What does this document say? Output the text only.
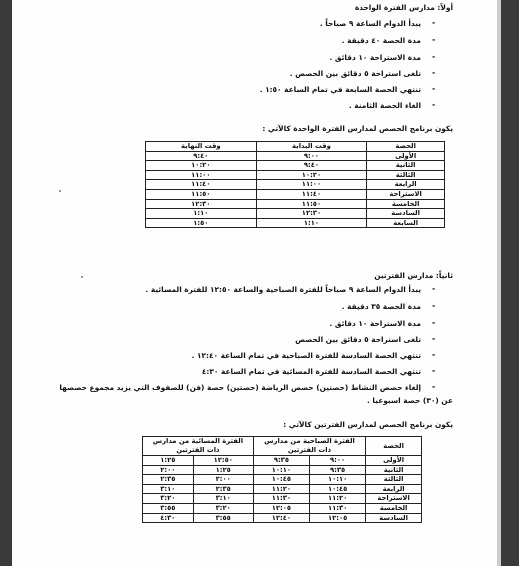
أولاً: مدارس الفترة الواحدة
يبدأ الدوام الساعة ٩ صباحاً . -
مدة الحصة ٤٠ دقيقة . -
مدة الاستراحة ١٠ دقائق . -
تلغى استراحة ٥ دقائق بين الحصص . -
تنتهي الحصة السابعة في تمام الساعة ١:٥٠ . -
الغاء الحصة الثامنة . -
يكون برنامج الحصص لمدارس الفترة الواحدة كالآتي :
الحصة	وقت البداية	وقت النهاية
الأولى	٩:٠٠	٩:٤٠
الثانية	٩:٤٠	١٠:٢٠
الثالثة	١٠:٢٠	١١:٠٠
الرابعة	١١:٠٠	١١:٤٠
الاستراحة	١١:٤٠	١١:٥٠
الخامسة	١١:٥٠	١٢:٣٠
السادسة	١٢:٣٠	١:١٠
السابعة	١:١٠	١:٥٠
ثانياً: مدارس الفترتين
يبدأ الدوام الساعة ٩ صباحاً للفترة الصباحية والساعة ١٢:٥٠ للفترة المسائية . -
مدة الحصة ٣٥ دقيقة . -
مدة الاستراحة ١٠ دقائق . -
تلغى استراحة ٥ دقائق بين الحصص -
تنتهي الحصة السادسة للفترة الصباحية في تمام الساعة ١٢:٤٠ . -
تنتهي الحصة السادسة للفترة المسائية في تمام الساعة ٤:٣٠ -
إلغاء حصص النشاط (حصتين) حصص الرياضة (حصتين) حصة (فن) للصفوف التي يزيد مجموع حصصها -
عن (٣٠) حصة اسبوعيا .
يكون برنامج الحصص لمدارس الفترتين كالآتي :
الحصة	الفترة الصباحية من مدارس ذات الفترتين		الفترة المسائية من مدارس ذات الفترتين	
الأولى	٩:٠٠	٩:٣٥	١٢:٥٠	١:٢٥
الثانية	٩:٣٥	١٠:١٠	١:٢٥	٢:٠٠
الثالثة	١٠:١٠	١٠:٤٥	٢:٠٠	٢:٣٥
الرابعة	١٠:٤٥	١١:٢٠	٢:٣٥	٣:١٠
الاستراحة	١١:٢٠	١١:٣٠	٣:١٠	٣:٢٠
الخامسة	١١:٣٠	١٢:٠٥	٣:٢٠	٣:٥٥
السادسة	١٢:٠٥	١٢:٤٠	٣:٥٥	٤:٣٠
